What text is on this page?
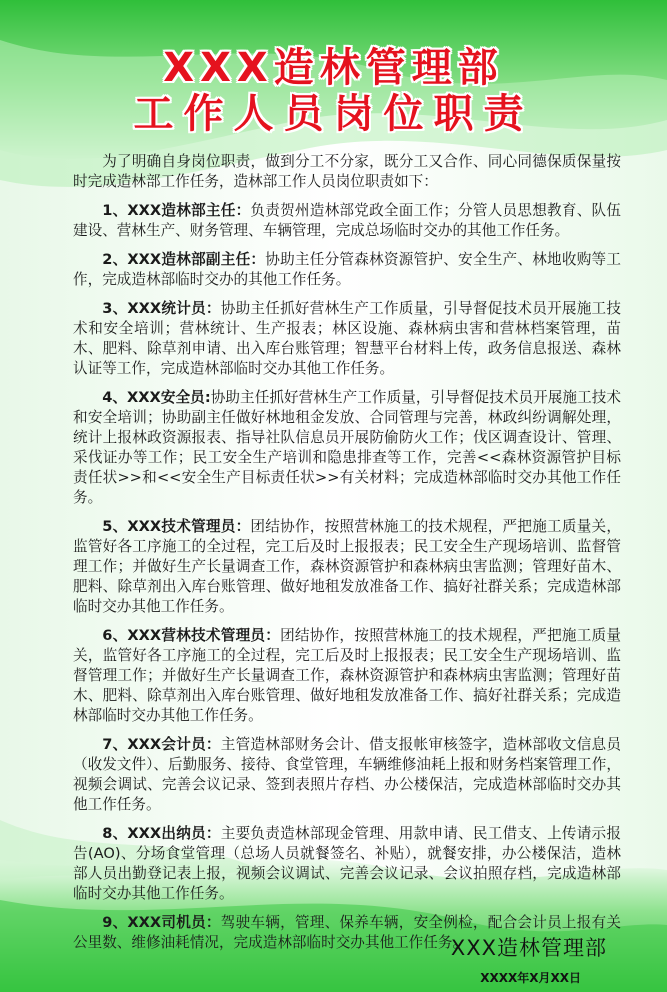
XXX造林管理部
工作人员岗位职责

为了明确自身岗位职责，做到分工不分家，既分工又合作、同心同德保质保量按时完成造林部工作任务，造林部工作人员岗位职责如下：

1、XXX造林部主任：负责贺州造林部党政全面工作；分管人员思想教育、队伍建设、营林生产、财务管理、车辆管理，完成总场临时交办的其他工作任务。

2、XXX造林部副主任：协助主任分管森林资源管护、安全生产、林地收购等工作，完成造林部临时交办的其他工作任务。

3、XXX统计员：协助主任抓好营林生产工作质量，引导督促技术员开展施工技术和安全培训；营林统计、生产报表；林区设施、森林病虫害和营林档案管理，苗木、肥料、除草剂申请、出入库台账管理；智慧平台材料上传，政务信息报送、森林认证等工作，完成造林部临时交办其他工作任务。

4、XXX安全员:协助主任抓好营林生产工作质量，引导督促技术员开展施工技术和安全培训；协助副主任做好林地租金发放、合同管理与完善，林政纠纷调解处理，统计上报林政资源报表、指导社队信息员开展防偷防火工作；伐区调查设计、管理、采伐证办等工作；民工安全生产培训和隐患排查等工作，完善<<森林资源管护目标责任状>>和<<安全生产目标责任状>>有关材料；完成造林部临时交办其他工作任务。

5、XXX技术管理员：团结协作，按照营林施工的技术规程，严把施工质量关，监管好各工序施工的全过程，完工后及时上报报表；民工安全生产现场培训、监督管理工作；并做好生产长量调查工作，森林资源管护和森林病虫害监测；管理好苗木、肥料、除草剂出入库台账管理、做好地租发放准备工作、搞好社群关系；完成造林部临时交办其他工作任务。

6、XXX营林技术管理员：团结协作，按照营林施工的技术规程，严把施工质量关，监管好各工序施工的全过程，完工后及时上报报表；民工安全生产现场培训、监督管理工作；并做好生产长量调查工作，森林资源管护和森林病虫害监测；管理好苗木、肥料、除草剂出入库台账管理、做好地租发放准备工作、搞好社群关系；完成造林部临时交办其他工作任务。

7、XXX会计员：主管造林部财务会计、借支报帐审核签字，造林部收文信息员（收发文件）、后勤服务、接待、食堂管理，车辆维修油耗上报和财务档案管理工作，视频会调试、完善会议记录、签到表照片存档、办公楼保洁，完成造林部临时交办其他工作任务。

8、XXX出纳员：主要负责造林部现金管理、用款申请、民工借支、上传请示报告(AO)、分场食堂管理（总场人员就餐签名、补贴），就餐安排，办公楼保洁，造林部人员出勤登记表上报，视频会议调试、完善会议记录、会议拍照存档，完成造林部临时交办其他工作任务。

9、XXX司机员：驾驶车辆，管理、保养车辆，安全例检，配合会计员上报有关公里数、维修油耗情况，完成造林部临时交办其他工作任务。

XXX造林管理部
XXXX年X月XX日
